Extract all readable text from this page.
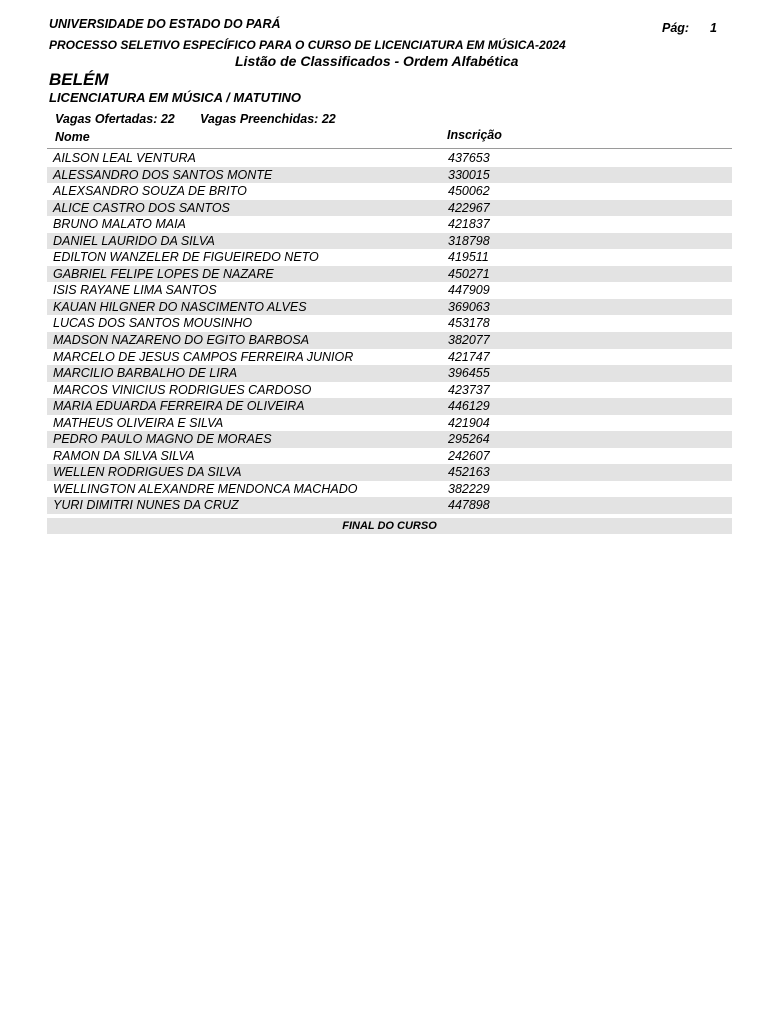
UNIVERSIDADE DO ESTADO DO PARÁ	Pág: 1
PROCESSO SELETIVO ESPECÍFICO PARA O CURSO DE LICENCIATURA EM MÚSICA-2024
Listão de Classificados - Ordem Alfabética
BELÉM
LICENCIATURA EM MÚSICA / MATUTINO
Vagas Ofertadas: 22 Vagas Preenchidas: 22
Nome	Inscrição
AILSON LEAL VENTURA	437653
ALESSANDRO DOS SANTOS MONTE	330015
ALEXSANDRO SOUZA DE BRITO	450062
ALICE CASTRO DOS SANTOS	422967
BRUNO MALATO MAIA	421837
DANIEL LAURIDO DA SILVA	318798
EDILTON WANZELER DE FIGUEIREDO NETO	419511
GABRIEL FELIPE LOPES DE NAZARE	450271
ISIS RAYANE LIMA SANTOS	447909
KAUAN HILGNER DO NASCIMENTO ALVES	369063
LUCAS DOS SANTOS MOUSINHO	453178
MADSON NAZARENO DO EGITO BARBOSA	382077
MARCELO DE JESUS CAMPOS FERREIRA JUNIOR	421747
MARCILIO BARBALHO DE LIRA	396455
MARCOS VINICIUS RODRIGUES CARDOSO	423737
MARIA EDUARDA FERREIRA DE OLIVEIRA	446129
MATHEUS OLIVEIRA E SILVA	421904
PEDRO PAULO MAGNO DE MORAES	295264
RAMON DA SILVA SILVA	242607
WELLEN RODRIGUES DA SILVA	452163
WELLINGTON ALEXANDRE MENDONCA MACHADO	382229
YURI DIMITRI NUNES DA CRUZ	447898
FINAL DO CURSO
